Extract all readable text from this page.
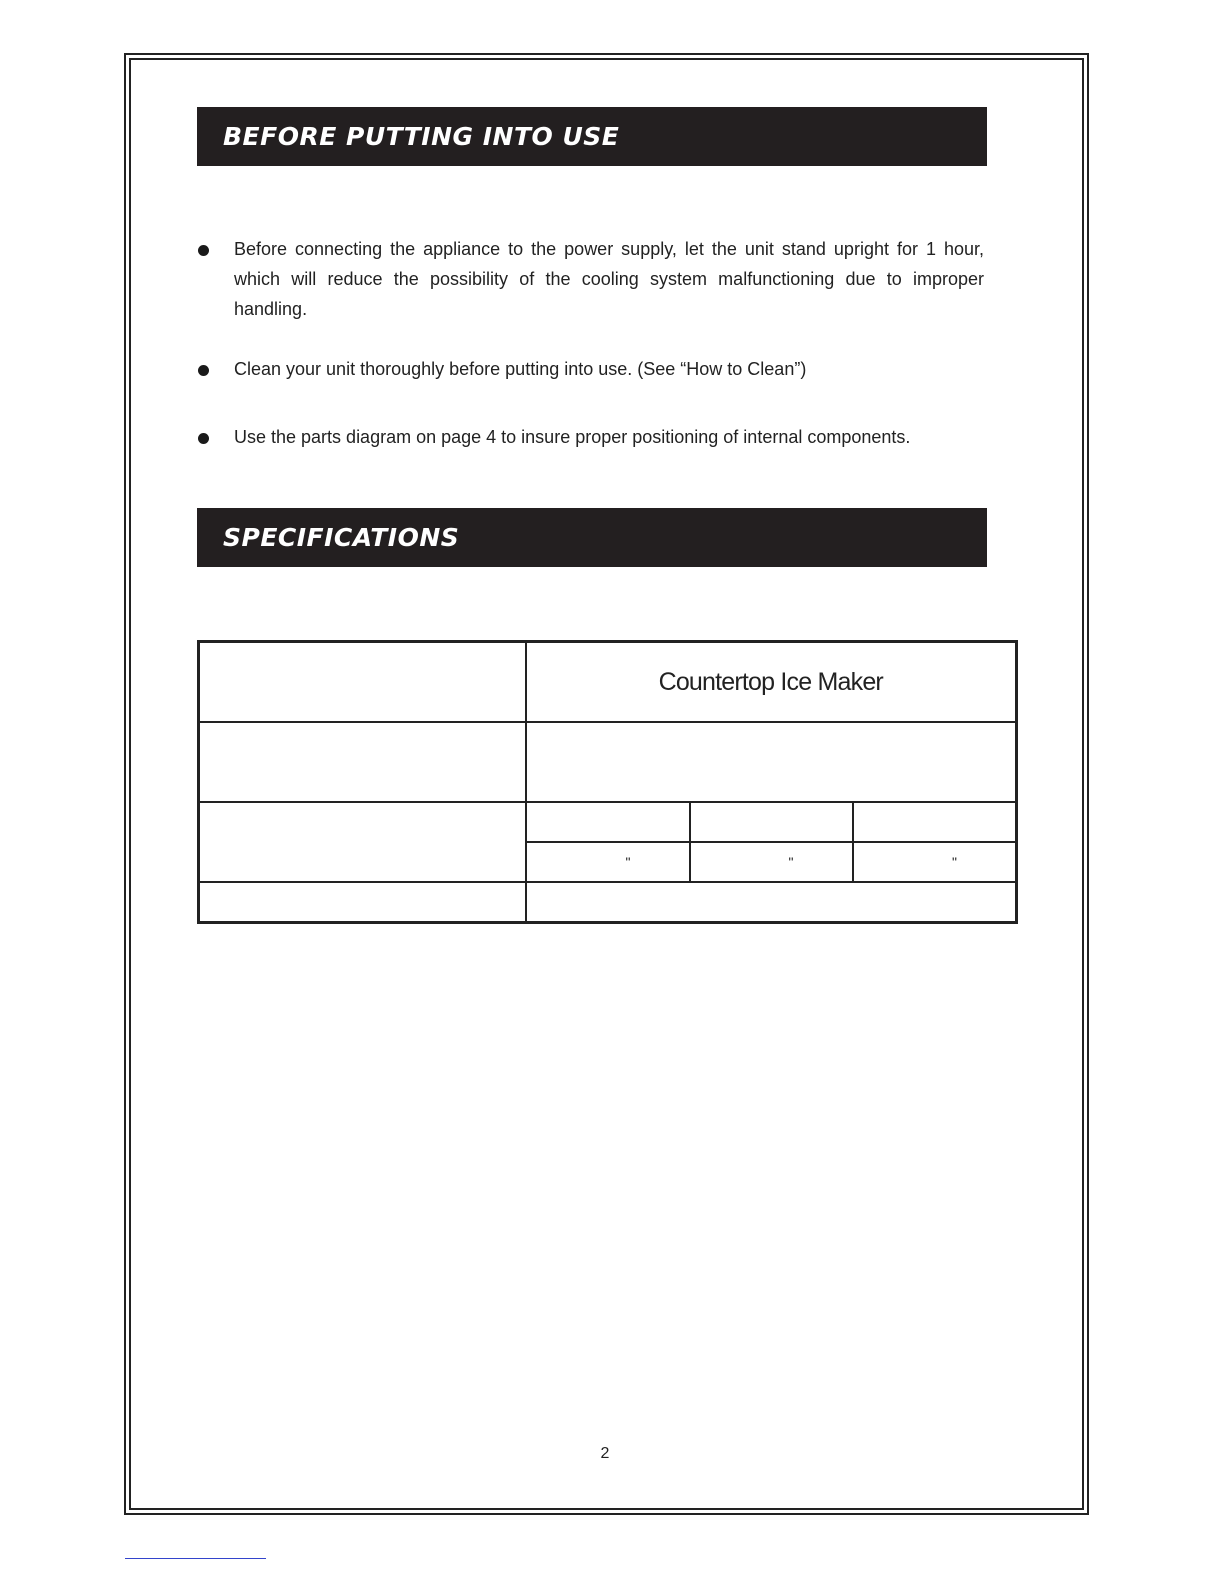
BEFORE PUTTING INTO USE
Before connecting the appliance to the power supply, let the unit stand upright for 1 hour, which will reduce the possibility of the cooling system malfunctioning due to improper handling.
Clean your unit thoroughly before putting into use. (See “How to Clean”)
Use the parts diagram on page 4 to insure proper positioning of internal components.
SPECIFICATIONS
	Countertop Ice Maker		

	"	"	"

2
